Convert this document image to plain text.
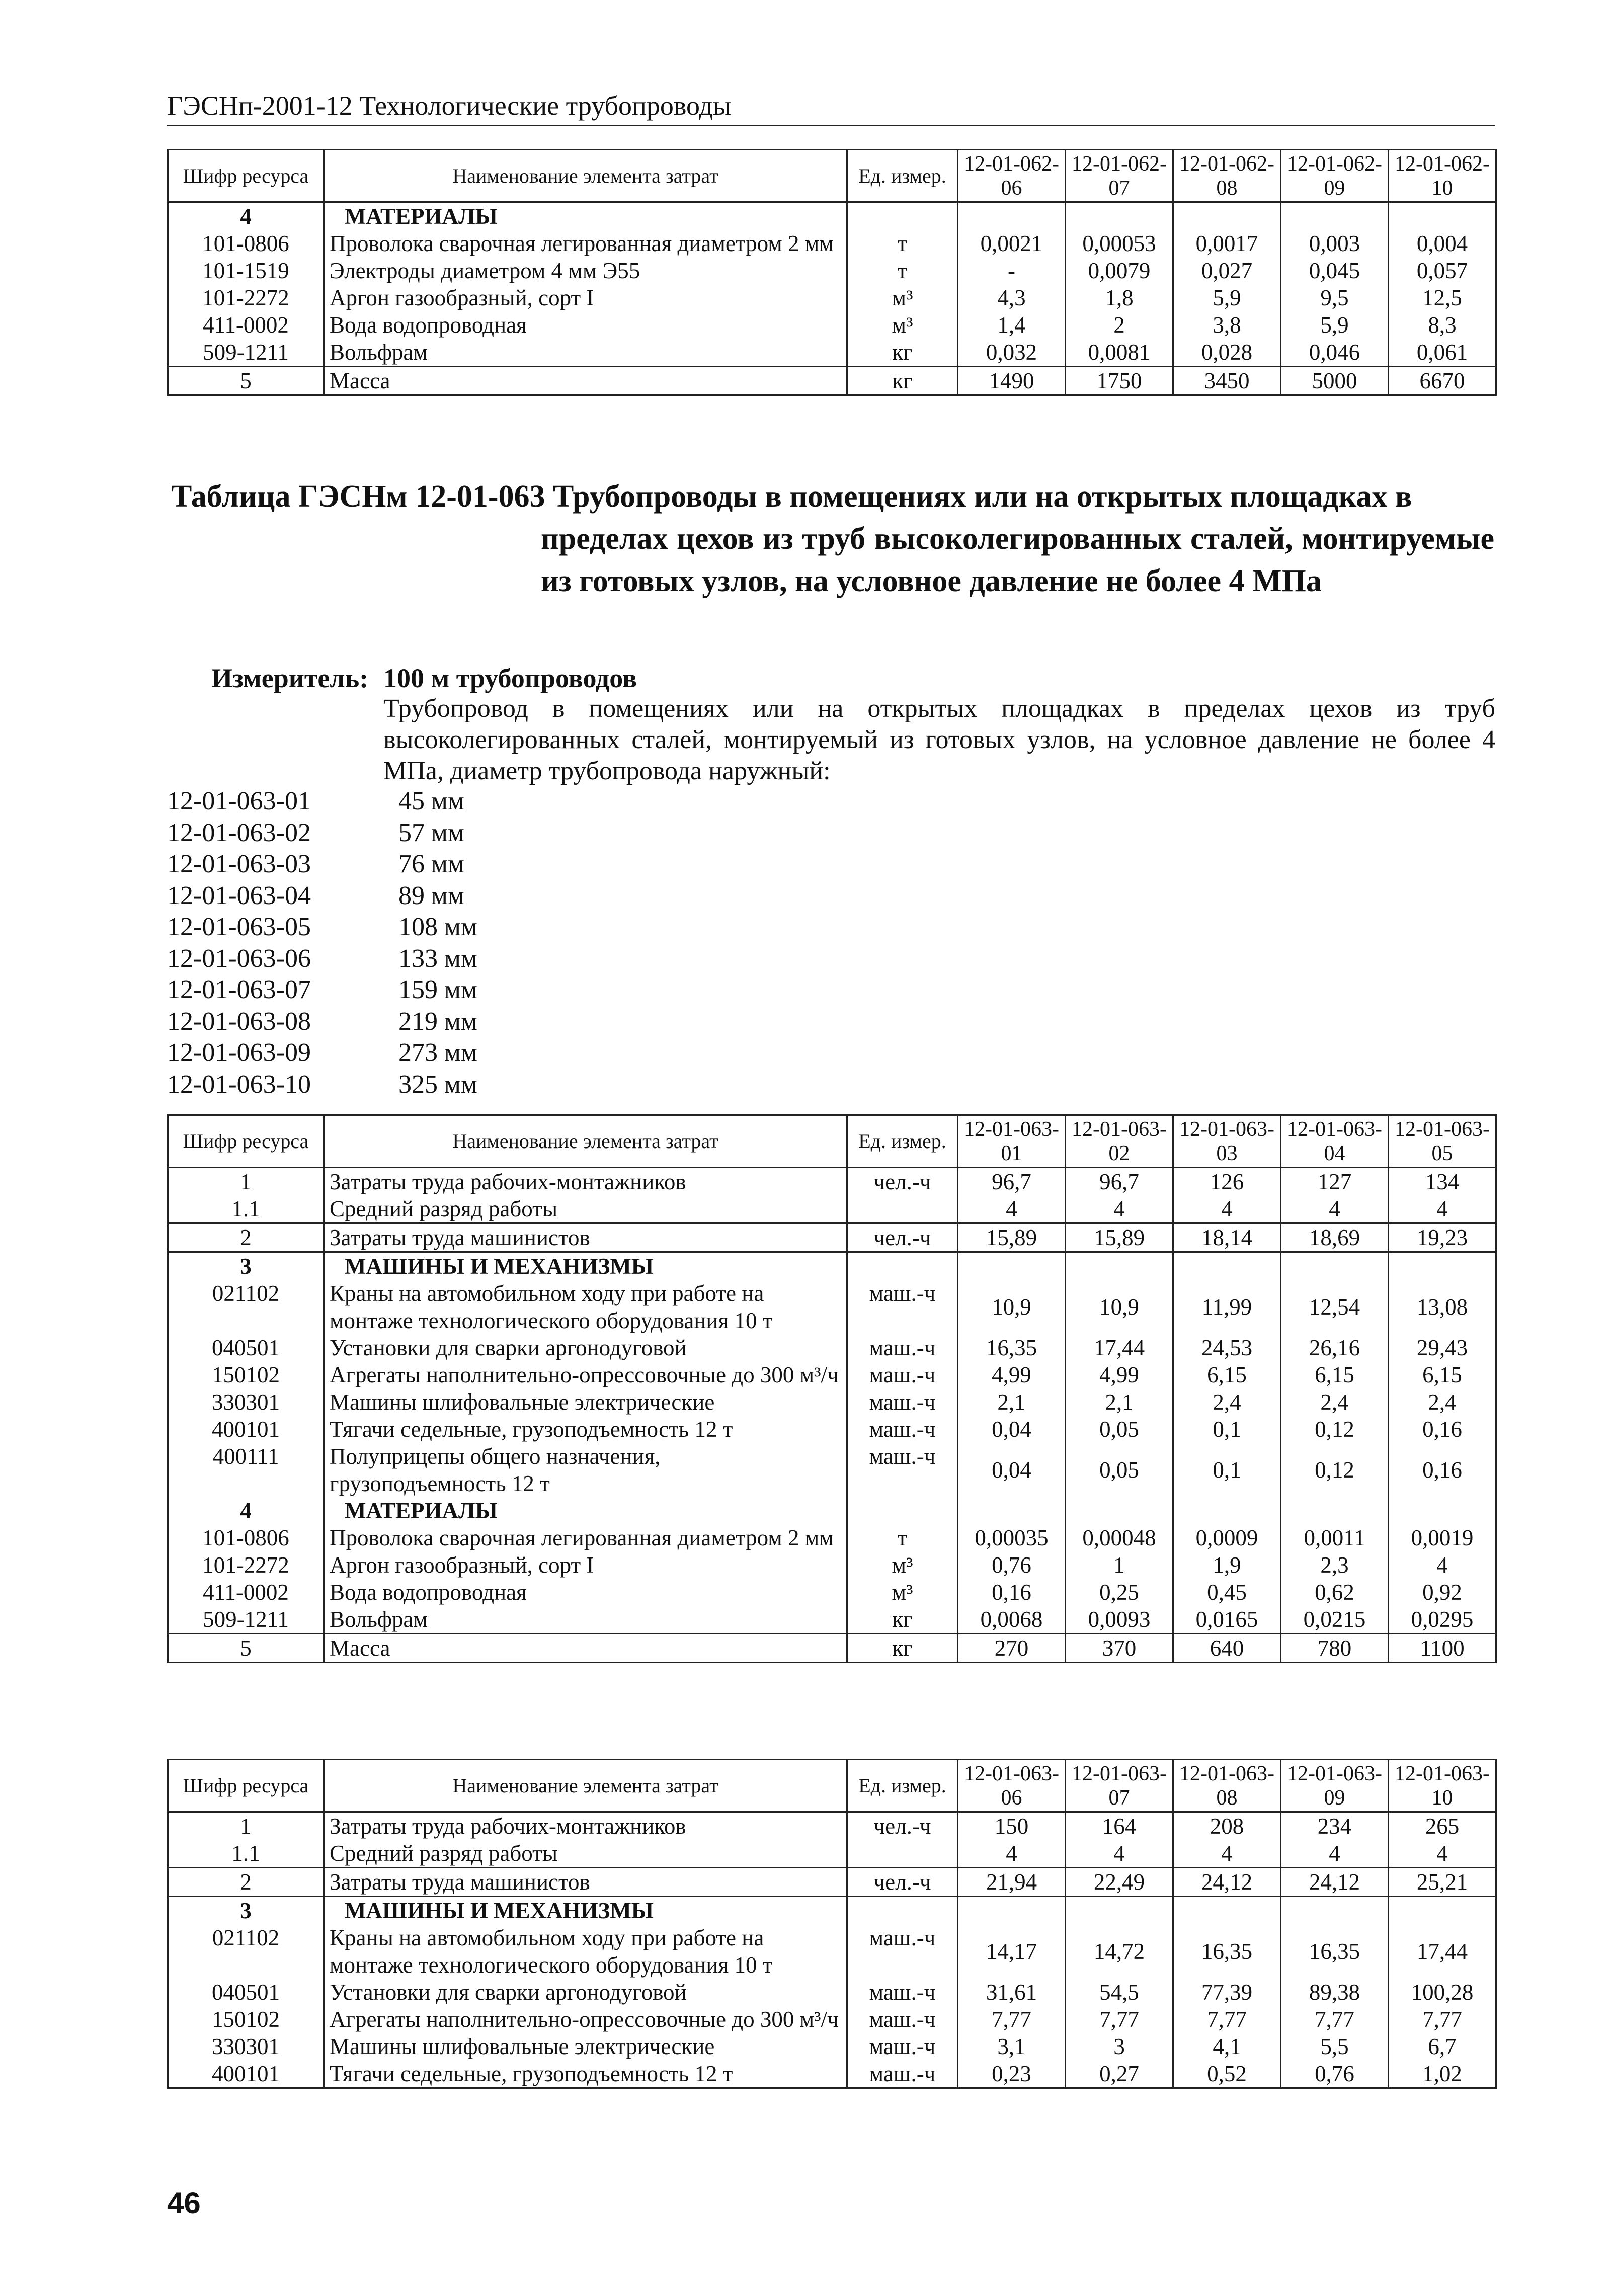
ГЭСНп-2001-12 Технологические трубопроводы
Шифр ресурса	Наименование элемента затрат	Ед. измер.	12-01-062-06	12-01-062-07	12-01-062-08	12-01-062-09	12-01-062-10
4	МАТЕРИАЛЫ						
101-0806	Проволока сварочная легированная диаметром 2 мм	т	0,0021	0,00053	0,0017	0,003	0,004
101-1519	Электроды диаметром 4 мм Э55	т	-	0,0079	0,027	0,045	0,057
101-2272	Аргон газообразный, сорт I	м³	4,3	1,8	5,9	9,5	12,5
411-0002	Вода водопроводная	м³	1,4	2	3,8	5,9	8,3
509-1211	Вольфрам	кг	0,032	0,0081	0,028	0,046	0,061
5	Масса	кг	1490	1750	3450	5000	6670
Таблица ГЭСНм 12-01-063 Трубопроводы в помещениях или на открытых площадках в
пределах цехов из труб высоколегированных сталей, монтируемые из готовых узлов, на условное давление не более 4 МПа
Измеритель: 100 м трубопроводов
Трубопровод в помещениях или на открытых площадках в пределах цехов из труб высоколегированных сталей, монтируемый из готовых узлов, на условное давление не более 4 МПа, диаметр трубопровода наружный:
12-01-063-01	45 мм
12-01-063-02	57 мм
12-01-063-03	76 мм
12-01-063-04	89 мм
12-01-063-05	108 мм
12-01-063-06	133 мм
12-01-063-07	159 мм
12-01-063-08	219 мм
12-01-063-09	273 мм
12-01-063-10	325 мм
Шифр ресурса	Наименование элемента затрат	Ед. измер.	12-01-063-01	12-01-063-02	12-01-063-03	12-01-063-04	12-01-063-05
1	Затраты труда рабочих-монтажников	чел.-ч	96,7	96,7	126	127	134
1.1	Средний разряд работы		4	4	4	4	4
2	Затраты труда машинистов	чел.-ч	15,89	15,89	18,14	18,69	19,23
3	МАШИНЫ И МЕХАНИЗМЫ						
021102	Краны на автомобильном ходу при работе на монтаже технологического оборудования 10 т	маш.-ч	10,9	10,9	11,99	12,54	13,08
040501	Установки для сварки аргонодуговой	маш.-ч	16,35	17,44	24,53	26,16	29,43
150102	Агрегаты наполнительно-опрессовочные до 300 м³/ч	маш.-ч	4,99	4,99	6,15	6,15	6,15
330301	Машины шлифовальные электрические	маш.-ч	2,1	2,1	2,4	2,4	2,4
400101	Тягачи седельные, грузоподъемность 12 т	маш.-ч	0,04	0,05	0,1	0,12	0,16
400111	Полуприцепы общего назначения, грузоподъемность 12 т	маш.-ч	0,04	0,05	0,1	0,12	0,16
4	МАТЕРИАЛЫ						
101-0806	Проволока сварочная легированная диаметром 2 мм	т	0,00035	0,00048	0,0009	0,0011	0,0019
101-2272	Аргон газообразный, сорт I	м³	0,76	1	1,9	2,3	4
411-0002	Вода водопроводная	м³	0,16	0,25	0,45	0,62	0,92
509-1211	Вольфрам	кг	0,0068	0,0093	0,0165	0,0215	0,0295
5	Масса	кг	270	370	640	780	1100
Шифр ресурса	Наименование элемента затрат	Ед. измер.	12-01-063-06	12-01-063-07	12-01-063-08	12-01-063-09	12-01-063-10
1	Затраты труда рабочих-монтажников	чел.-ч	150	164	208	234	265
1.1	Средний разряд работы		4	4	4	4	4
2	Затраты труда машинистов	чел.-ч	21,94	22,49	24,12	24,12	25,21
3	МАШИНЫ И МЕХАНИЗМЫ						
021102	Краны на автомобильном ходу при работе на монтаже технологического оборудования 10 т	маш.-ч	14,17	14,72	16,35	16,35	17,44
040501	Установки для сварки аргонодуговой	маш.-ч	31,61	54,5	77,39	89,38	100,28
150102	Агрегаты наполнительно-опрессовочные до 300 м³/ч	маш.-ч	7,77	7,77	7,77	7,77	7,77
330301	Машины шлифовальные электрические	маш.-ч	3,1	3	4,1	5,5	6,7
400101	Тягачи седельные, грузоподъемность 12 т	маш.-ч	0,23	0,27	0,52	0,76	1,02
46
